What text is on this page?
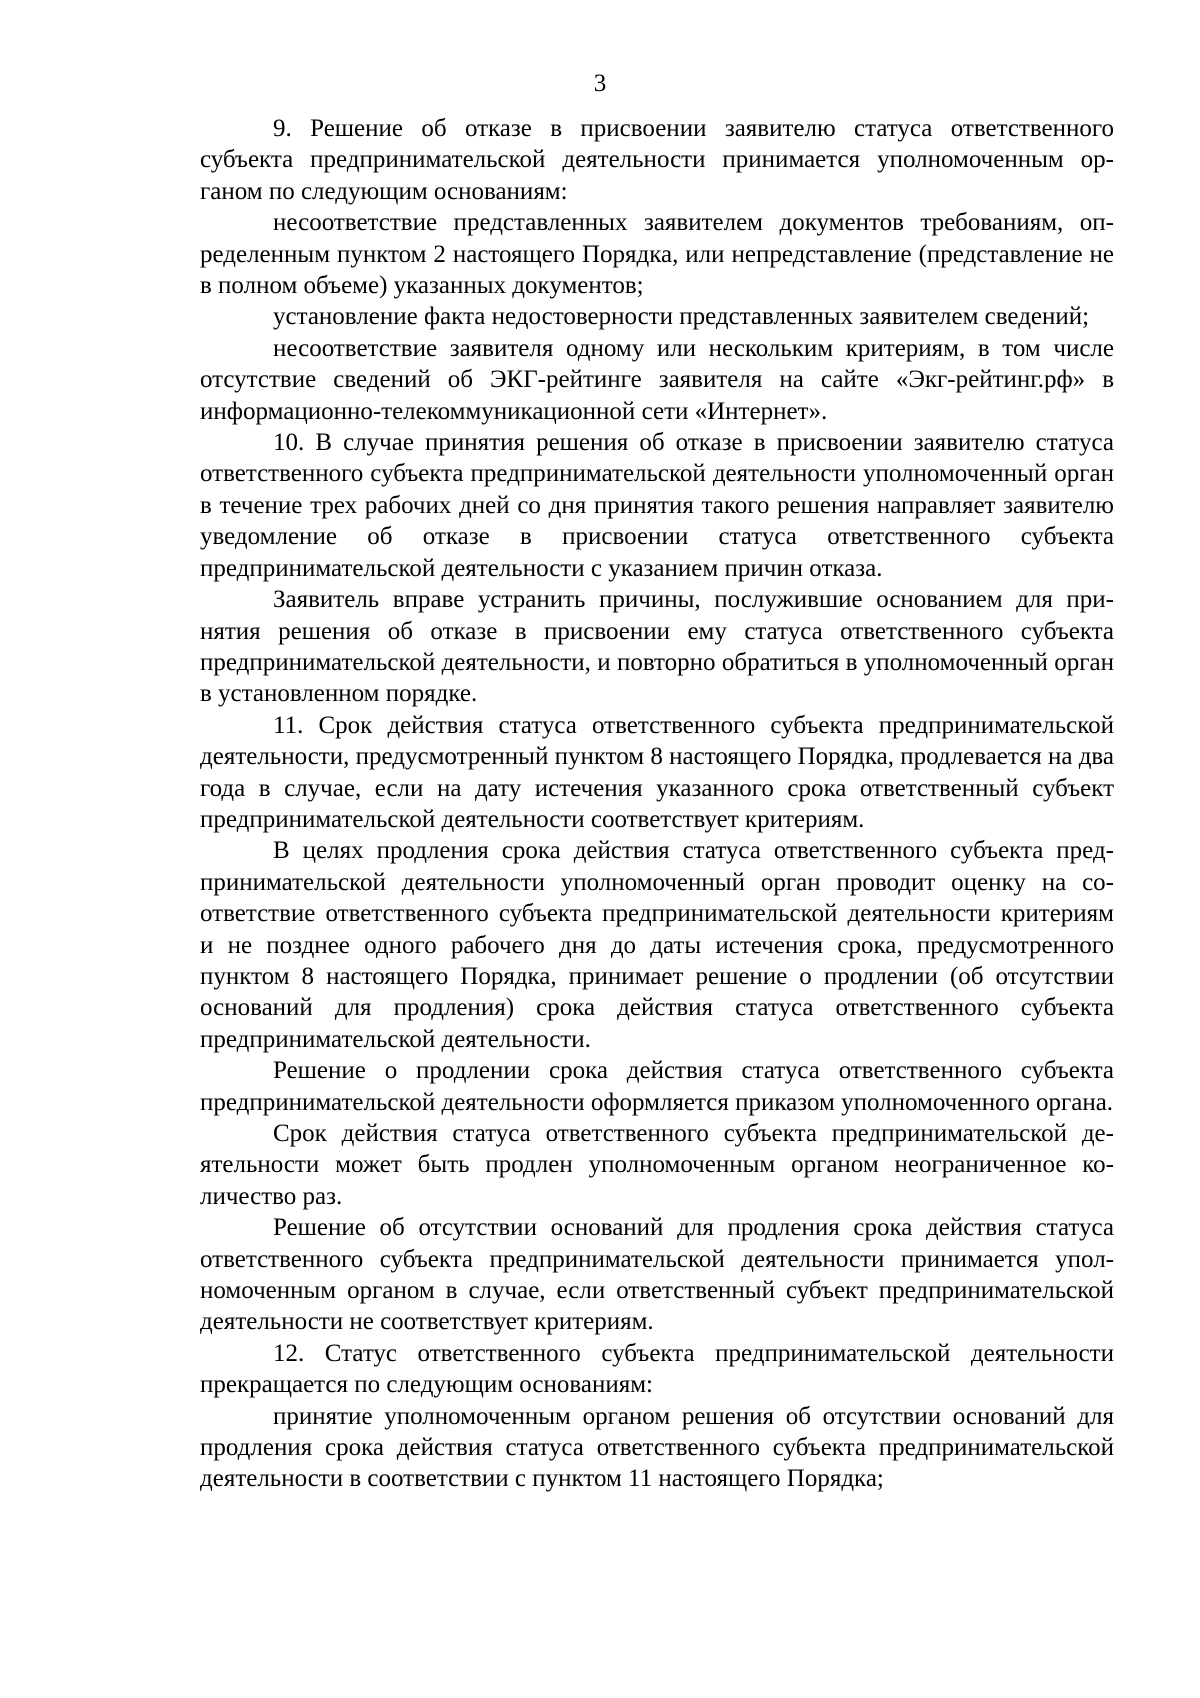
3

9. Решение об отказе в присвоении заявителю статуса ответственного субъекта предпринимательской деятельности принимается уполномоченным органом по следующим основаниям:

несоответствие представленных заявителем документов требованиям, определенным пунктом 2 настоящего Порядка, или непредставление (представление не в полном объеме) указанных документов;

установление факта недостоверности представленных заявителем сведений;

несоответствие заявителя одному или нескольким критериям, в том числе отсутствие сведений об ЭКГ-рейтинге заявителя на сайте «Экг-рейтинг.рф» в информационно-телекоммуникационной сети «Интернет».

10. В случае принятия решения об отказе в присвоении заявителю статуса ответственного субъекта предпринимательской деятельности уполномоченный орган в течение трех рабочих дней со дня принятия такого решения направляет заявителю уведомление об отказе в присвоении статуса ответственного субъекта предпринимательской деятельности с указанием причин отказа.

Заявитель вправе устранить причины, послужившие основанием для принятия решения об отказе в присвоении ему статуса ответственного субъекта предпринимательской деятельности, и повторно обратиться в уполномоченный орган в установленном порядке.

11. Срок действия статуса ответственного субъекта предпринимательской деятельности, предусмотренный пунктом 8 настоящего Порядка, продлевается на два года в случае, если на дату истечения указанного срока ответственный субъект предпринимательской деятельности соответствует критериям.

В целях продления срока действия статуса ответственного субъекта предпринимательской деятельности уполномоченный орган проводит оценку на соответствие ответственного субъекта предпринимательской деятельности критериям и не позднее одного рабочего дня до даты истечения срока, предусмотренного пунктом 8 настоящего Порядка, принимает решение о продлении (об отсутствии оснований для продления) срока действия статуса ответственного субъекта предпринимательской деятельности.

Решение о продлении срока действия статуса ответственного субъекта предпринимательской деятельности оформляется приказом уполномоченного органа.

Срок действия статуса ответственного субъекта предпринимательской деятельности может быть продлен уполномоченным органом неограниченное количество раз.

Решение об отсутствии оснований для продления срока действия статуса ответственного субъекта предпринимательской деятельности принимается уполномоченным органом в случае, если ответственный субъект предпринимательской деятельности не соответствует критериям.

12. Статус ответственного субъекта предпринимательской деятельности прекращается по следующим основаниям:

принятие уполномоченным органом решения об отсутствии оснований для продления срока действия статуса ответственного субъекта предпринимательской деятельности в соответствии с пунктом 11 настоящего Порядка;
